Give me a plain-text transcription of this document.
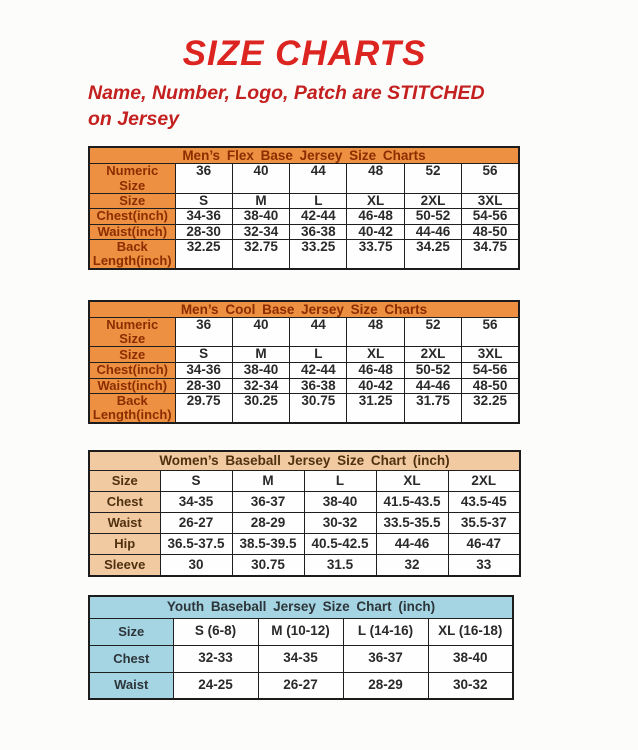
SIZE CHARTS
Name, Number, Logo, Patch are STITCHED on Jersey
Men’s Flex Base Jersey Size Charts						
Numeric Size	36	40	44	48	52	56
Size	S	M	L	XL	2XL	3XL
Chest(inch)	34-36	38-40	42-44	46-48	50-52	54-56
Waist(inch)	28-30	32-34	36-38	40-42	44-46	48-50
Back Length(inch)	32.25	32.75	33.25	33.75	34.25	34.75
Men’s Cool Base Jersey Size Charts						
Numeric Size	36	40	44	48	52	56
Size	S	M	L	XL	2XL	3XL
Chest(inch)	34-36	38-40	42-44	46-48	50-52	54-56
Waist(inch)	28-30	32-34	36-38	40-42	44-46	48-50
Back Length(inch)	29.75	30.25	30.75	31.25	31.75	32.25
Women’s Baseball Jersey Size Chart (inch)					
Size	S	M	L	XL	2XL
Chest	34-35	36-37	38-40	41.5-43.5	43.5-45
Waist	26-27	28-29	30-32	33.5-35.5	35.5-37
Hip	36.5-37.5	38.5-39.5	40.5-42.5	44-46	46-47
Sleeve	30	30.75	31.5	32	33
Youth Baseball Jersey Size Chart (inch)				
Size	S (6-8)	M (10-12)	L (14-16)	XL (16-18)
Chest	32-33	34-35	36-37	38-40
Waist	24-25	26-27	28-29	30-32
